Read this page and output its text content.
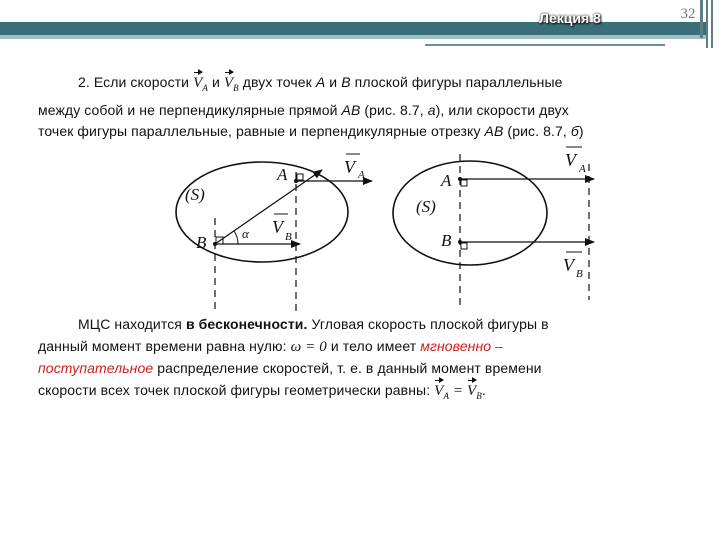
Лекция 8	32
2. Если скорости $V_A$ и $V_B$ двух точек A и B плоской фигуры параллельные
между собой и не перпендикулярные прямой AB (рис. 8.7, а), или скорости двух
точек фигуры параллельные, равные и перпендикулярные отрезку AB (рис. 8.7, б)
A
B
(S)
α
V A
V B
A
B
(S)
V A
V B
МЦС находится в бесконечности. Угловая скорость плоской фигуры в
данный момент времени равна нулю: ω = 0 и тело имеет мгновенно –
поступательное распределение скоростей, т. е. в данный момент времени
скорости всех точек плоской фигуры геометрически равны: $V_A = V_B$.
